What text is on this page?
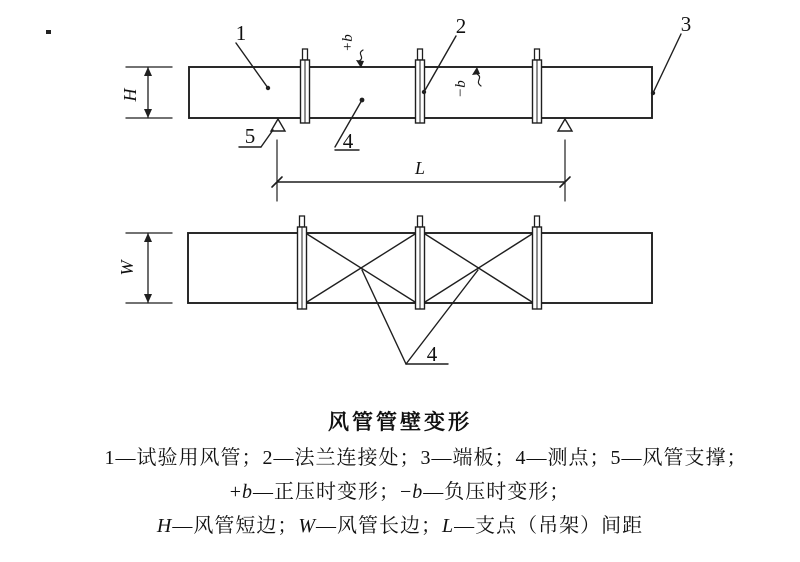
H
L
+b
−b
1	2	3
4
5
W
4
风管管壁变形
1—试验用风管；2—法兰连接处；3—端板；4—测点；5—风管支撑；
+b—正压时变形；−b—负压时变形；
H—风管短边；W—风管长边；L—支点（吊架）间距
